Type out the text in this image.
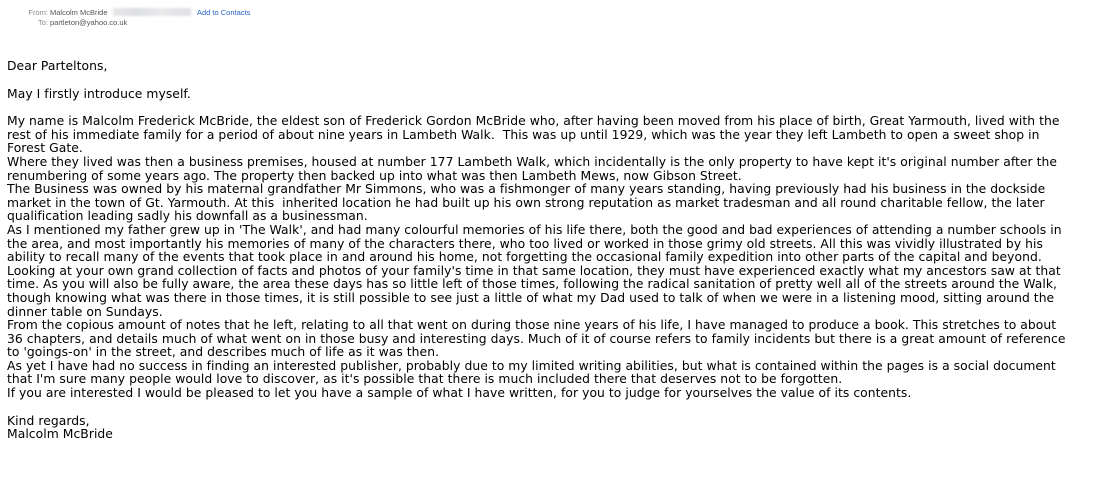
From: Malcolm McBride	Add to Contacts
To: partleton@yahoo.co.uk

Dear Parteltons,

May I firstly introduce myself.

My name is Malcolm Frederick McBride, the eldest son of Frederick Gordon McBride who, after having been moved from his place of birth, Great Yarmouth, lived with the

rest of his immediate family for a period of about nine years in Lambeth Walk.  This was up until 1929, which was the year they left Lambeth to open a sweet shop in

Forest Gate.

Where they lived was then a business premises, housed at number 177 Lambeth Walk, which incidentally is the only property to have kept it's original number after the

renumbering of some years ago. The property then backed up into what was then Lambeth Mews, now Gibson Street.

The Business was owned by his maternal grandfather Mr Simmons, who was a fishmonger of many years standing, having previously had his business in the dockside

market in the town of Gt. Yarmouth. At this  inherited location he had built up his own strong reputation as market tradesman and all round charitable fellow, the later

qualification leading sadly his downfall as a businessman.

As I mentioned my father grew up in 'The Walk', and had many colourful memories of his life there, both the good and bad experiences of attending a number schools in

the area, and most importantly his memories of many of the characters there, who too lived or worked in those grimy old streets. All this was vividly illustrated by his

ability to recall many of the events that took place in and around his home, not forgetting the occasional family expedition into other parts of the capital and beyond.

Looking at your own grand collection of facts and photos of your family's time in that same location, they must have experienced exactly what my ancestors saw at that

time. As you will also be fully aware, the area these days has so little left of those times, following the radical sanitation of pretty well all of the streets around the Walk,

though knowing what was there in those times, it is still possible to see just a little of what my Dad used to talk of when we were in a listening mood, sitting around the

dinner table on Sundays.

From the copious amount of notes that he left, relating to all that went on during those nine years of his life, I have managed to produce a book. This stretches to about

36 chapters, and details much of what went on in those busy and interesting days. Much of it of course refers to family incidents but there is a great amount of reference

to 'goings-on' in the street, and describes much of life as it was then.

As yet I have had no success in finding an interested publisher, probably due to my limited writing abilities, but what is contained within the pages is a social document

that I'm sure many people would love to discover, as it's possible that there is much included there that deserves not to be forgotten.

If you are interested I would be pleased to let you have a sample of what I have written, for you to judge for yourselves the value of its contents.

Kind regards,

Malcolm McBride
